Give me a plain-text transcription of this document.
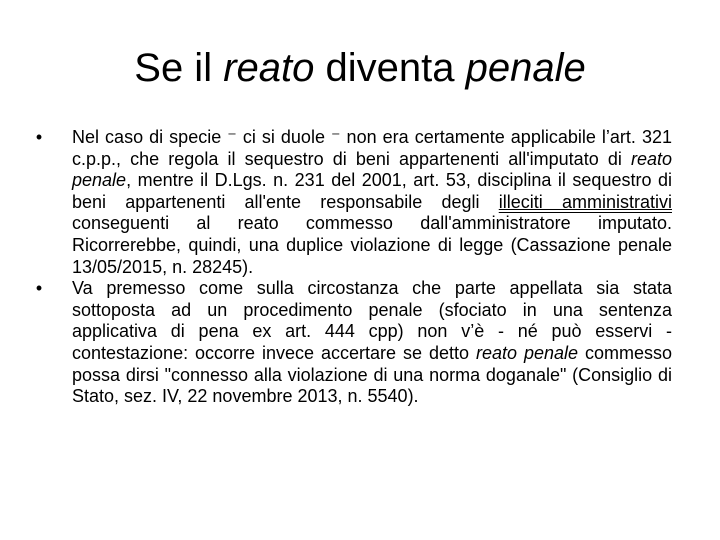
Se il reato diventa penale
• Nel caso di specie ⁻ ci si duole ⁻ non era certamente applicabile l’art. 321 c.p.p., che regola il sequestro di beni appartenenti all'imputato di reato penale, mentre il D.Lgs. n. 231 del 2001, art. 53, disciplina il sequestro di beni appartenenti all'ente responsabile degli illeciti amministrativi conseguenti al reato commesso dall'amministratore imputato. Ricorrerebbe, quindi, una duplice violazione di legge (Cassazione penale 13/05/2015, n. 28245).
• Va premesso come sulla circostanza che parte appellata sia stata sottoposta ad un procedimento penale (sfociato in una sentenza applicativa di pena ex art. 444 cpp) non v’è - né può esservi - contestazione: occorre invece accertare se detto reato penale commesso possa dirsi "connesso alla violazione di una norma doganale" (Consiglio di Stato, sez. IV, 22 novembre 2013, n. 5540).
